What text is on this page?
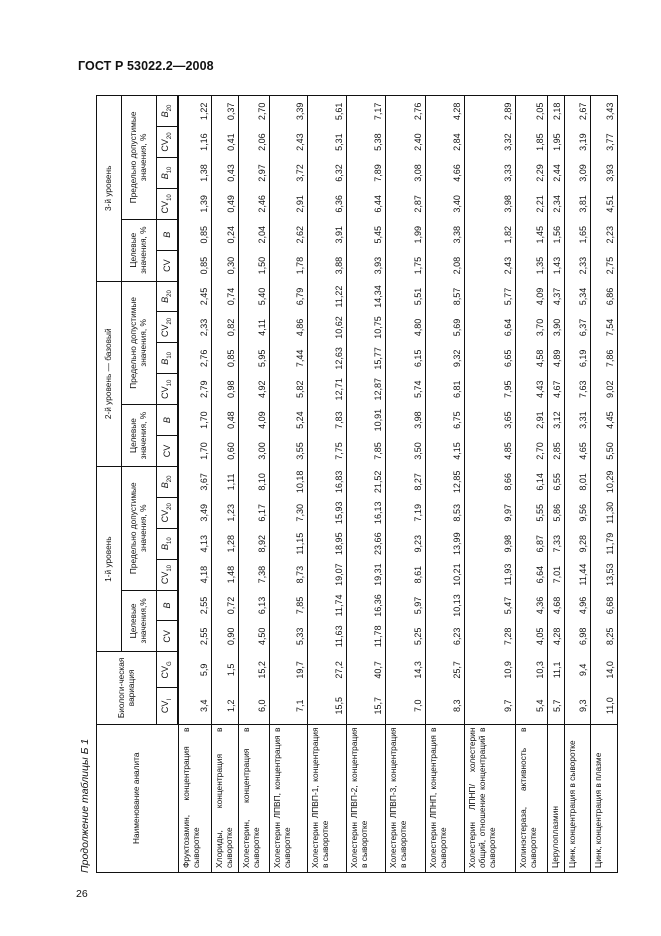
ГОСТ Р 53022.2—2008
Продолжение таблицы Б 1
26
Наименование аналита	Биологи-ческая вариация		1-й уровень						2-й уровень — базовый						3-й уровень					
			Целевые значения,%		Предельно допустимые значения, %				Целевые значения, %		Предельно допустимые значения, %				Целевые значения, %		Предельно допустимые значения, %			
	$CV_I$	$CV_G$	CV	B	$CV_{10}$	$B_{10}$	$CV_{20}$	$B_{20}$	CV	B	$CV_{10}$	$B_{10}$	$CV_{20}$	$B_{20}$	CV	B	$CV_{10}$	$B_{10}$	$CV_{20}$	$B_{20}$
Фруктозамин, концентрация в сыворотке	3,4	5,9	2,55	2,55	4,18	4,13	3,49	3,67	1,70	1,70	2,79	2,76	2,33	2,45	0,85	0,85	1,39	1,38	1,16	1,22
Хлориды, концентрация в сыворотке	1,2	1,5	0,90	0,72	1,48	1,28	1,23	1,11	0,60	0,48	0,98	0,85	0,82	0,74	0,30	0,24	0,49	0,43	0,41	0,37
Холестерин, концентрация в сыворотке	6,0	15,2	4,50	6,13	7,38	8,92	6,17	8,10	3,00	4,09	4,92	5,95	4,11	5,40	1,50	2,04	2,46	2,97	2,06	2,70
Холестерин ЛПВП, концентрация в сыворотке	7,1	19,7	5,33	7,85	8,73	11,15	7,30	10,18	3,55	5,24	5,82	7,44	4,86	6,79	1,78	2,62	2,91	3,72	2,43	3,39
Холестерин ЛПВП-1, концентрация в сыворотке	15,5	27,2	11,63	11,74	19,07	18,95	15,93	16,83	7,75	7,83	12,71	12,63	10,62	11,22	3,88	3,91	6,36	6,32	5,31	5,61
Холестерин ЛПВП-2, концентрация в сыворотке	15,7	40,7	11,78	16,36	19,31	23,66	16,13	21,52	7,85	10,91	12,87	15,77	10,75	14,34	3,93	5,45	6,44	7,89	5,38	7,17
Холестерин ЛПВП-3, концентрация в сыворотке	7,0	14,3	5,25	5,97	8,61	9,23	7,19	8,27	3,50	3,98	5,74	6,15	4,80	5,51	1,75	1,99	2,87	3,08	2,40	2,76
Холестерин ЛПНП, концентрация в сыворотке	8,3	25,7	6,23	10,13	10,21	13,99	8,53	12,85	4,15	6,75	6,81	9,32	5,69	8,57	2,08	3,38	3,40	4,66	2,84	4,28
Холестерин ЛПНП/ холестерин общий, отношение концентраций в сыворотке	9,7	10,9	7,28	5,47	11,93	9,98	9,97	8,66	4,85	3,65	7,95	6,65	6,64	5,77	2,43	1,82	3,98	3,33	3,32	2,89
Холинэстераза, активность в сыворотке	5,4	10,3	4,05	4,36	6,64	6,87	5,55	6,14	2,70	2,91	4,43	4,58	3,70	4,09	1,35	1,45	2,21	2,29	1,85	2,05
Церулоплазмин	5,7	11,1	4,28	4,68	7,01	7,33	5,86	6,55	2,85	3,12	4,67	4,89	3,90	4,37	1,43	1,56	2,34	2,44	1,95	2,18
Цинк, концентрация в сыворотке	9,3	9,4	6,98	4,96	11,44	9,28	9,56	8,01	4,65	3,31	7,63	6,19	6,37	5,34	2,33	1,65	3,81	3,09	3,19	2,67
Цинк, концентрация в плазме	11,0	14,0	8,25	6,68	13,53	11,79	11,30	10,29	5,50	4,45	9,02	7,86	7,54	6,86	2,75	2,23	4,51	3,93	3,77	3,43
